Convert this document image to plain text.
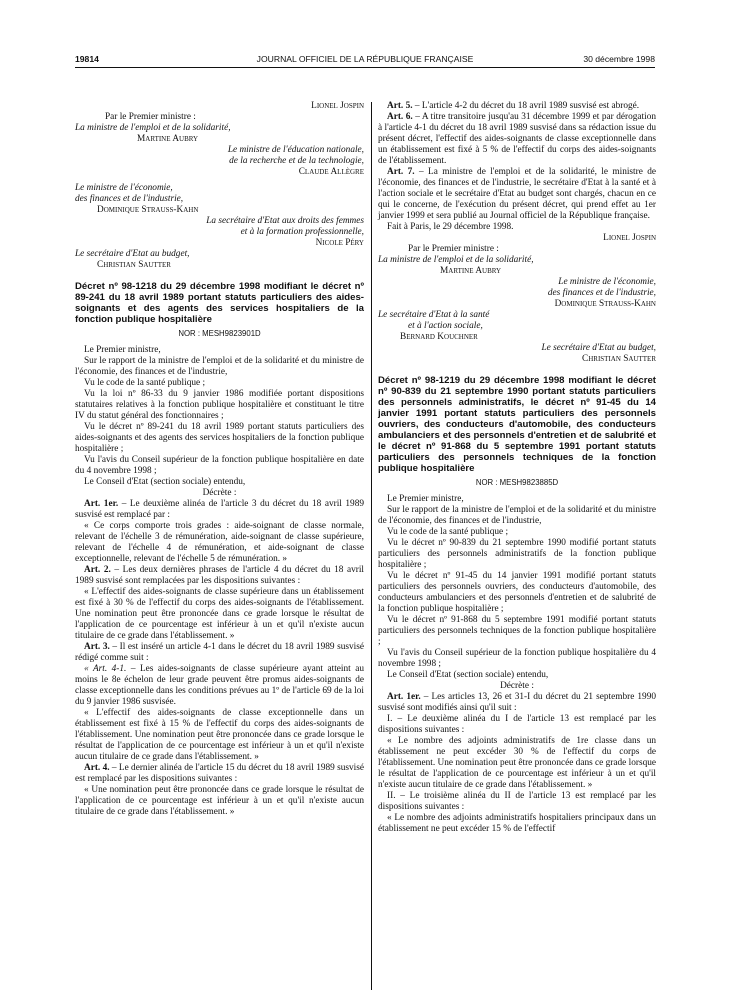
19814	JOURNAL OFFICIEL DE LA RÉPUBLIQUE FRANÇAISE	30 décembre 1998

Lionel Jospin

Par le Premier ministre :

La ministre de l'emploi et de la solidarité,

Martine Aubry

Le ministre de l'éducation nationale,

de la recherche et de la technologie,

Claude Allègre

Le ministre de l'économie,

des finances et de l'industrie,

Dominique Strauss-Kahn

La secrétaire d'Etat aux droits des femmes

et à la formation professionnelle,

Nicole Péry

Le secrétaire d'Etat au budget,

Christian Sautter

Décret nº 98-1218 du 29 décembre 1998 modifiant le décret nº 89-241 du 18 avril 1989 portant statuts particuliers des aides-soignants et des agents des services hospitaliers de la fonction publique hospitalière

NOR : MESH9823901D

Le Premier ministre,

Sur le rapport de la ministre de l'emploi et de la solidarité et du ministre de l'économie, des finances et de l'industrie,

Vu le code de la santé publique ;

Vu la loi nº 86-33 du 9 janvier 1986 modifiée portant dispositions statutaires relatives à la fonction publique hospitalière et constituant le titre IV du statut général des fonctionnaires ;

Vu le décret nº 89-241 du 18 avril 1989 portant statuts particuliers des aides-soignants et des agents des services hospitaliers de la fonction publique hospitalière ;

Vu l'avis du Conseil supérieur de la fonction publique hospitalière en date du 4 novembre 1998 ;

Le Conseil d'Etat (section sociale) entendu,

Décrète :

Art. 1er. – Le deuxième alinéa de l'article 3 du décret du 18 avril 1989 susvisé est remplacé par :

« Ce corps comporte trois grades : aide-soignant de classe normale, relevant de l'échelle 3 de rémunération, aide-soignant de classe supérieure, relevant de l'échelle 4 de rémunération, et aide-soignant de classe exceptionnelle, relevant de l'échelle 5 de rémunération. »

Art. 2. – Les deux dernières phrases de l'article 4 du décret du 18 avril 1989 susvisé sont remplacées par les dispositions suivantes :

« L'effectif des aides-soignants de classe supérieure dans un établissement est fixé à 30 % de l'effectif du corps des aides-soignants de l'établissement. Une nomination peut être prononcée dans ce grade lorsque le résultat de l'application de ce pourcentage est inférieur à un et qu'il n'existe aucun titulaire de ce grade dans l'établissement. »

Art. 3. – Il est inséré un article 4-1 dans le décret du 18 avril 1989 susvisé rédigé comme suit :

« Art. 4-1. – Les aides-soignants de classe supérieure ayant atteint au moins le 8e échelon de leur grade peuvent être promus aides-soignants de classe exceptionnelle dans les conditions prévues au 1º de l'article 69 de la loi du 9 janvier 1986 susvisée.

« L'effectif des aides-soignants de classe exceptionnelle dans un établissement est fixé à 15 % de l'effectif du corps des aides-soignants de l'établissement. Une nomination peut être prononcée dans ce grade lorsque le résultat de l'application de ce pourcentage est inférieur à un et qu'il n'existe aucun titulaire de ce grade dans l'établissement. »

Art. 4. – Le dernier alinéa de l'article 15 du décret du 18 avril 1989 susvisé est remplacé par les dispositions suivantes :

« Une nomination peut être prononcée dans ce grade lorsque le résultat de l'application de ce pourcentage est inférieur à un et qu'il n'existe aucun titulaire de ce grade dans l'établissement. »

Art. 5. – L'article 4-2 du décret du 18 avril 1989 susvisé est abrogé.

Art. 6. – A titre transitoire jusqu'au 31 décembre 1999 et par dérogation à l'article 4-1 du décret du 18 avril 1989 susvisé dans sa rédaction issue du présent décret, l'effectif des aides-soignants de classe exceptionnelle dans un établissement est fixé à 5 % de l'effectif du corps des aides-soignants de l'établissement.

Art. 7. – La ministre de l'emploi et de la solidarité, le ministre de l'économie, des finances et de l'industrie, le secrétaire d'Etat à la santé et à l'action sociale et le secrétaire d'Etat au budget sont chargés, chacun en ce qui le concerne, de l'exécution du présent décret, qui prend effet au 1er janvier 1999 et sera publié au Journal officiel de la République française.

Fait à Paris, le 29 décembre 1998.

Lionel Jospin

Par le Premier ministre :

La ministre de l'emploi et de la solidarité,

Martine Aubry

Le ministre de l'économie,

des finances et de l'industrie,

Dominique Strauss-Kahn

Le secrétaire d'Etat à la santé

et à l'action sociale,

Bernard Kouchner

Le secrétaire d'Etat au budget,

Christian Sautter

Décret nº 98-1219 du 29 décembre 1998 modifiant le décret nº 90-839 du 21 septembre 1990 portant statuts particuliers des personnels administratifs, le décret nº 91-45 du 14 janvier 1991 portant statuts particuliers des personnels ouvriers, des conducteurs d'automobile, des conducteurs ambulanciers et des personnels d'entretien et de salubrité et le décret nº 91-868 du 5 septembre 1991 portant statuts particuliers des personnels techniques de la fonction publique hospitalière

NOR : MESH9823885D

Le Premier ministre,

Sur le rapport de la ministre de l'emploi et de la solidarité et du ministre de l'économie, des finances et de l'industrie,

Vu le code de la santé publique ;

Vu le décret nº 90-839 du 21 septembre 1990 modifié portant statuts particuliers des personnels administratifs de la fonction publique hospitalière ;

Vu le décret nº 91-45 du 14 janvier 1991 modifié portant statuts particuliers des personnels ouvriers, des conducteurs d'automobile, des conducteurs ambulanciers et des personnels d'entretien et de salubrité de la fonction publique hospitalière ;

Vu le décret nº 91-868 du 5 septembre 1991 modifié portant statuts particuliers des personnels techniques de la fonction publique hospitalière ;

Vu l'avis du Conseil supérieur de la fonction publique hospitalière du 4 novembre 1998 ;

Le Conseil d'Etat (section sociale) entendu,

Décrète :

Art. 1er. – Les articles 13, 26 et 31-I du décret du 21 septembre 1990 susvisé sont modifiés ainsi qu'il suit :

I. – Le deuxième alinéa du I de l'article 13 est remplacé par les dispositions suivantes :

« Le nombre des adjoints administratifs de 1re classe dans un établissement ne peut excéder 30 % de l'effectif du corps de l'établissement. Une nomination peut être prononcée dans ce grade lorsque le résultat de l'application de ce pourcentage est inférieur à un et qu'il n'existe aucun titulaire de ce grade dans l'établissement. »

II. – Le troisième alinéa du II de l'article 13 est remplacé par les dispositions suivantes :

« Le nombre des adjoints administratifs hospitaliers principaux dans un établissement ne peut excéder 15 % de l'effectif
